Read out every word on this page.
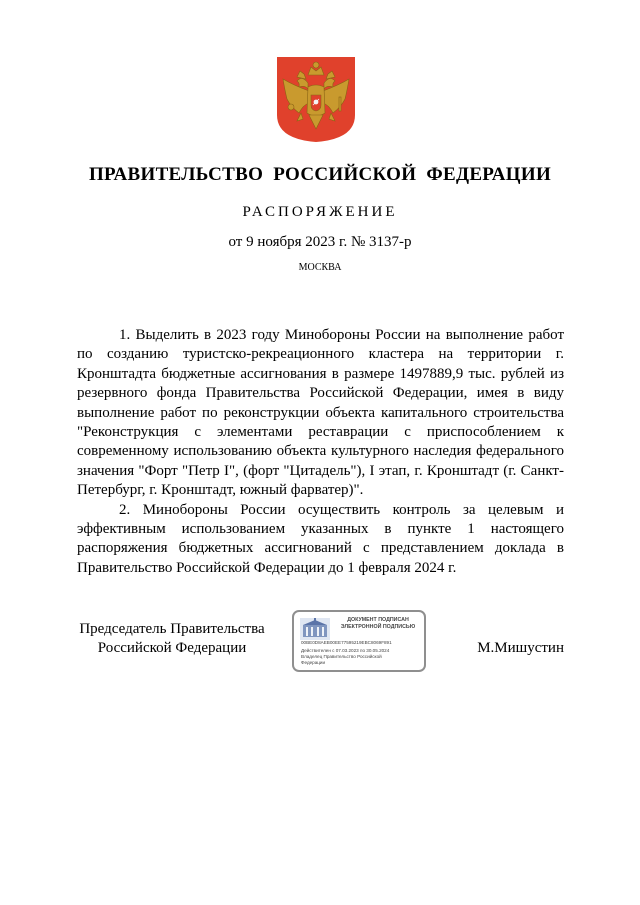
ПРАВИТЕЛЬСТВО РОССИЙСКОЙ ФЕДЕРАЦИИ
РАСПОРЯЖЕНИЕ
от 9 ноября 2023 г. № 3137-р
МОСКВА

1. Выделить в 2023 году Минобороны России на выполнение работ по созданию туристско-рекреационного кластера на территории г. Кронштадта бюджетные ассигнования в размере 1497889,9 тыс. рублей из резервного фонда Правительства Российской Федерации, имея в виду выполнение работ по реконструкции объекта капитального строительства "Реконструкция с элементами реставрации с приспособлением к современному использованию объекта культурного наследия федерального значения "Форт "Петр I", (форт "Цитадель"), I этап, г. Кронштадт (г. Санкт-Петербург, г. Кронштадт, южный фарватер)".

2. Минобороны России осуществить контроль за целевым и эффективным использованием указанных в пункте 1 настоящего распоряжения бюджетных ассигнований с представлением доклада в Правительство Российской Федерации до 1 февраля 2024 г.

Председатель Правительства
Российской Федерации
ДОКУМЕНТ ПОДПИСАН
ЭЛЕКТРОННОЙ ПОДПИСЬЮ
00BE0D8AEB00EE77595219EBC8069F891
Действителен с 07.03.2023 по 30.05.2024
Владелец Правительство Российской
Федерации
М.Мишустин
